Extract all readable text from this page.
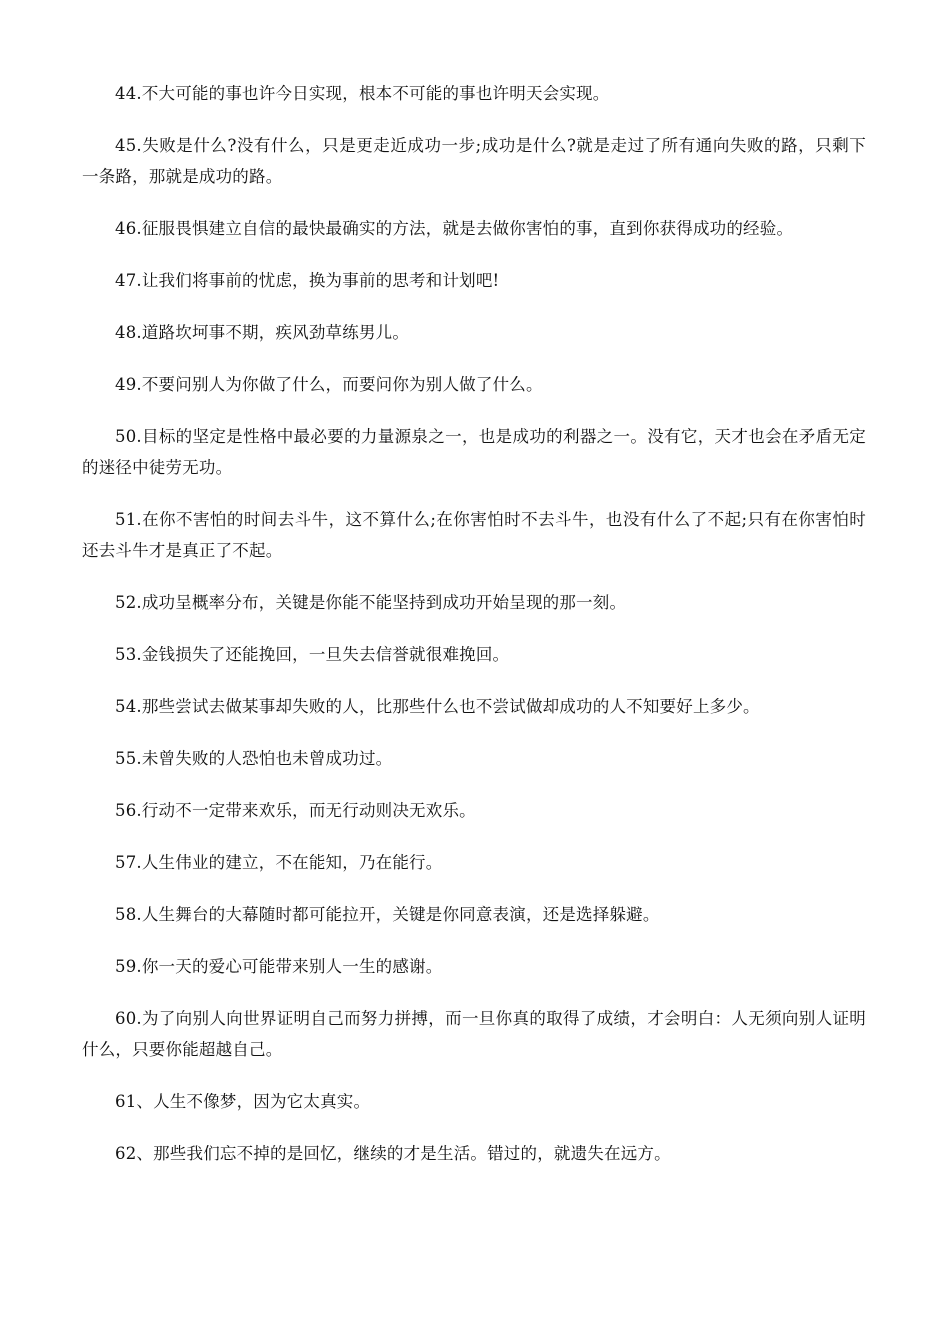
44.不大可能的事也许今日实现，根本不可能的事也许明天会实现。

45.失败是什么?没有什么，只是更走近成功一步;成功是什么?就是走过了所有通向失败的路，只剩下一条路，那就是成功的路。

46.征服畏惧建立自信的最快最确实的方法，就是去做你害怕的事，直到你获得成功的经验。

47.让我们将事前的忧虑，换为事前的思考和计划吧!

48.道路坎坷事不期，疾风劲草练男儿。

49.不要问别人为你做了什么，而要问你为别人做了什么。

50.目标的坚定是性格中最必要的力量源泉之一，也是成功的利器之一。没有它，天才也会在矛盾无定的迷径中徒劳无功。

51.在你不害怕的时间去斗牛，这不算什么;在你害怕时不去斗牛，也没有什么了不起;只有在你害怕时还去斗牛才是真正了不起。

52.成功呈概率分布，关键是你能不能坚持到成功开始呈现的那一刻。

53.金钱损失了还能挽回，一旦失去信誉就很难挽回。

54.那些尝试去做某事却失败的人，比那些什么也不尝试做却成功的人不知要好上多少。

55.未曾失败的人恐怕也未曾成功过。

56.行动不一定带来欢乐，而无行动则决无欢乐。

57.人生伟业的建立，不在能知，乃在能行。

58.人生舞台的大幕随时都可能拉开，关键是你同意表演，还是选择躲避。

59.你一天的爱心可能带来别人一生的感谢。

60.为了向别人向世界证明自己而努力拼搏，而一旦你真的取得了成绩，才会明白：人无须向别人证明什么，只要你能超越自己。

61、人生不像梦，因为它太真实。

62、那些我们忘不掉的是回忆，继续的才是生活。错过的，就遗失在远方。
